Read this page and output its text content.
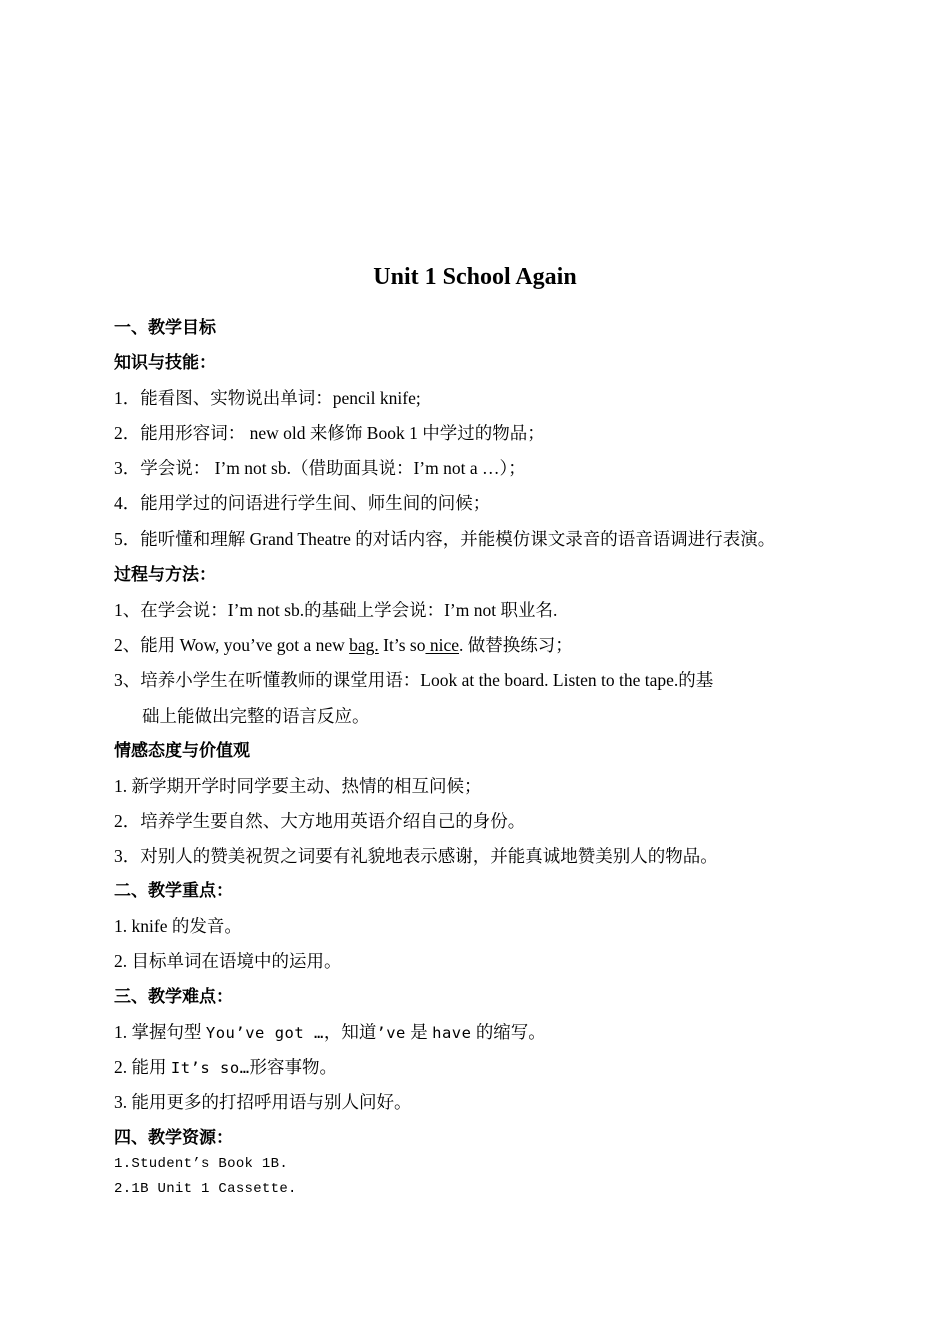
Unit 1 School Again
一、教学目标
知识与技能：
1．能看图、实物说出单词：pencil knife;
2．能用形容词： new old 来修饰 Book 1 中学过的物品；
3．学会说： I’m not sb.（借助面具说：I’m not a …）；
4．能用学过的问语进行学生间、师生间的问候；
5．能听懂和理解 Grand Theatre 的对话内容，并能模仿课文录音的语音语调进行表演。
过程与方法：
1、在学会说：I’m not sb.的基础上学会说：I’m not 职业名.
2、能用 Wow, you’ve got a new bag. It’s so nice. 做替换练习；
3、培养小学生在听懂教师的课堂用语：Look at the board. Listen to the tape.的基
础上能做出完整的语言反应。
情感态度与价值观
1. 新学期开学时同学要主动、热情的相互问候；
2．培养学生要自然、大方地用英语介绍自己的身份。
3．对别人的赞美祝贺之词要有礼貌地表示感谢，并能真诚地赞美别人的物品。
二、教学重点：
1. knife 的发音。
2. 目标单词在语境中的运用。
三、教学难点：
1. 掌握句型 You’ve got …，知道’ve 是 have 的缩写。
2. 能用 It’s so…形容事物。
3. 能用更多的打招呼用语与别人问好。
四、教学资源：
1.Student’s Book 1B.
2.1B Unit 1 Cassette.
